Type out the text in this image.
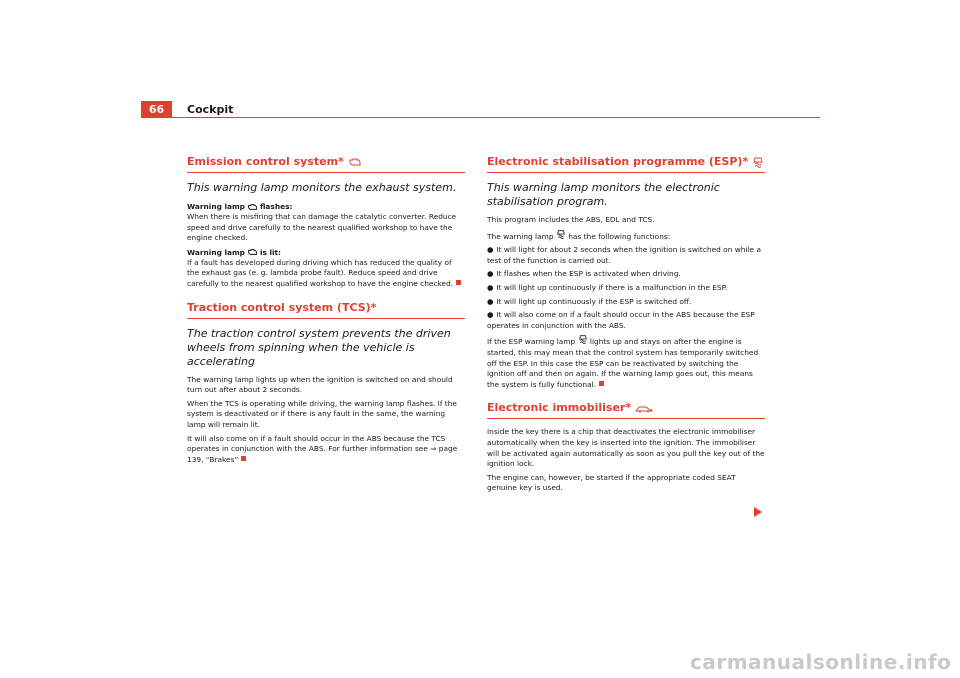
66	Cockpit
Emission control system*

This warning lamp monitors the exhaust system.

Warning lamp flashes:

When there is misfiring that can damage the catalytic converter. Reduce speed and drive carefully to the nearest qualified workshop to have the engine checked.

Warning lamp is lit:

If a fault has developed during driving which has reduced the quality of the exhaust gas (e. g. lambda probe fault). Reduce speed and drive carefully to the nearest qualified workshop to have the engine checked.

Traction control system (TCS)*

The traction control system prevents the driven wheels from spinning when the vehicle is accelerating

The warning lamp lights up when the ignition is switched on and should turn out after about 2 seconds.

When the TCS is operating while driving, the warning lamp flashes. If the system is deactivated or if there is any fault in the same, the warning lamp will remain lit.

It will also come on if a fault should occur in the ABS because the TCS operates in conjunction with the ABS. For further information see ⇒ page 139, “Brakes”

Electronic stabilisation programme (ESP)*

This warning lamp monitors the electronic stabilisation program.

This program includes the ABS, EDL and TCS.

The warning lamp has the following functions:

● It will light for about 2 seconds when the ignition is switched on while a test of the function is carried out.

● It flashes when the ESP is activated when driving.

● It will light up continuously if there is a malfunction in the ESP.

● It will light up continuously if the ESP is switched off.

● It will also come on if a fault should occur in the ABS because the ESP operates in conjunction with the ABS.

If the ESP warning lamp lights up and stays on after the engine is started, this may mean that the control system has temporarily switched off the ESP. In this case the ESP can be reactivated by switching the ignition off and then on again. If the warning lamp goes out, this means the system is fully functional.

Electronic immobiliser*

Inside the key there is a chip that deactivates the electronic immobiliser automatically when the key is inserted into the ignition. The immobiliser will be activated again automatically as soon as you pull the key out of the ignition lock.

The engine can, however, be started if the appropriate coded SEAT genuine key is used.

carmanualsonline.info
